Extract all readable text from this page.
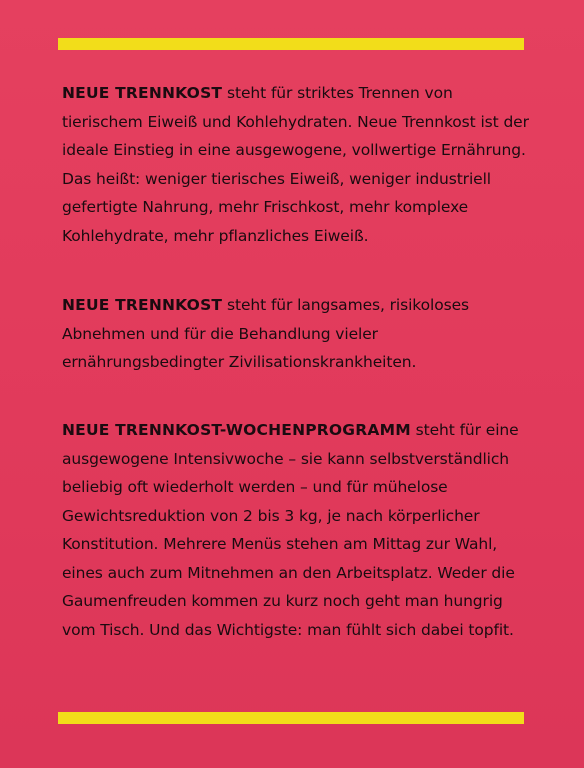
NEUE TRENNKOST steht für striktes Trennen von tierischem Eiweiß und Kohlehydraten. Neue Trennkost ist der ideale Einstieg in eine ausgewogene, vollwertige Ernährung. Das heißt: weniger tierisches Eiweiß, weniger industriell gefertigte Nahrung, mehr Frischkost, mehr komplexe Kohlehydrate, mehr pflanzliches Eiweiß.

NEUE TRENNKOST steht für langsames, risikoloses Abnehmen und für die Behandlung vieler ernährungsbedingter Zivilisationskrankheiten.

NEUE TRENNKOST-WOCHENPROGRAMM steht für eine ausgewogene Intensivwoche – sie kann selbstverständlich beliebig oft wiederholt werden – und für mühelose Gewichtsreduktion von 2 bis 3 kg, je nach körperlicher Konstitution. Mehrere Menüs stehen am Mittag zur Wahl, eines auch zum Mitnehmen an den Arbeitsplatz. Weder die Gaumenfreuden kommen zu kurz noch geht man hungrig vom Tisch. Und das Wichtigste: man fühlt sich dabei topfit.
